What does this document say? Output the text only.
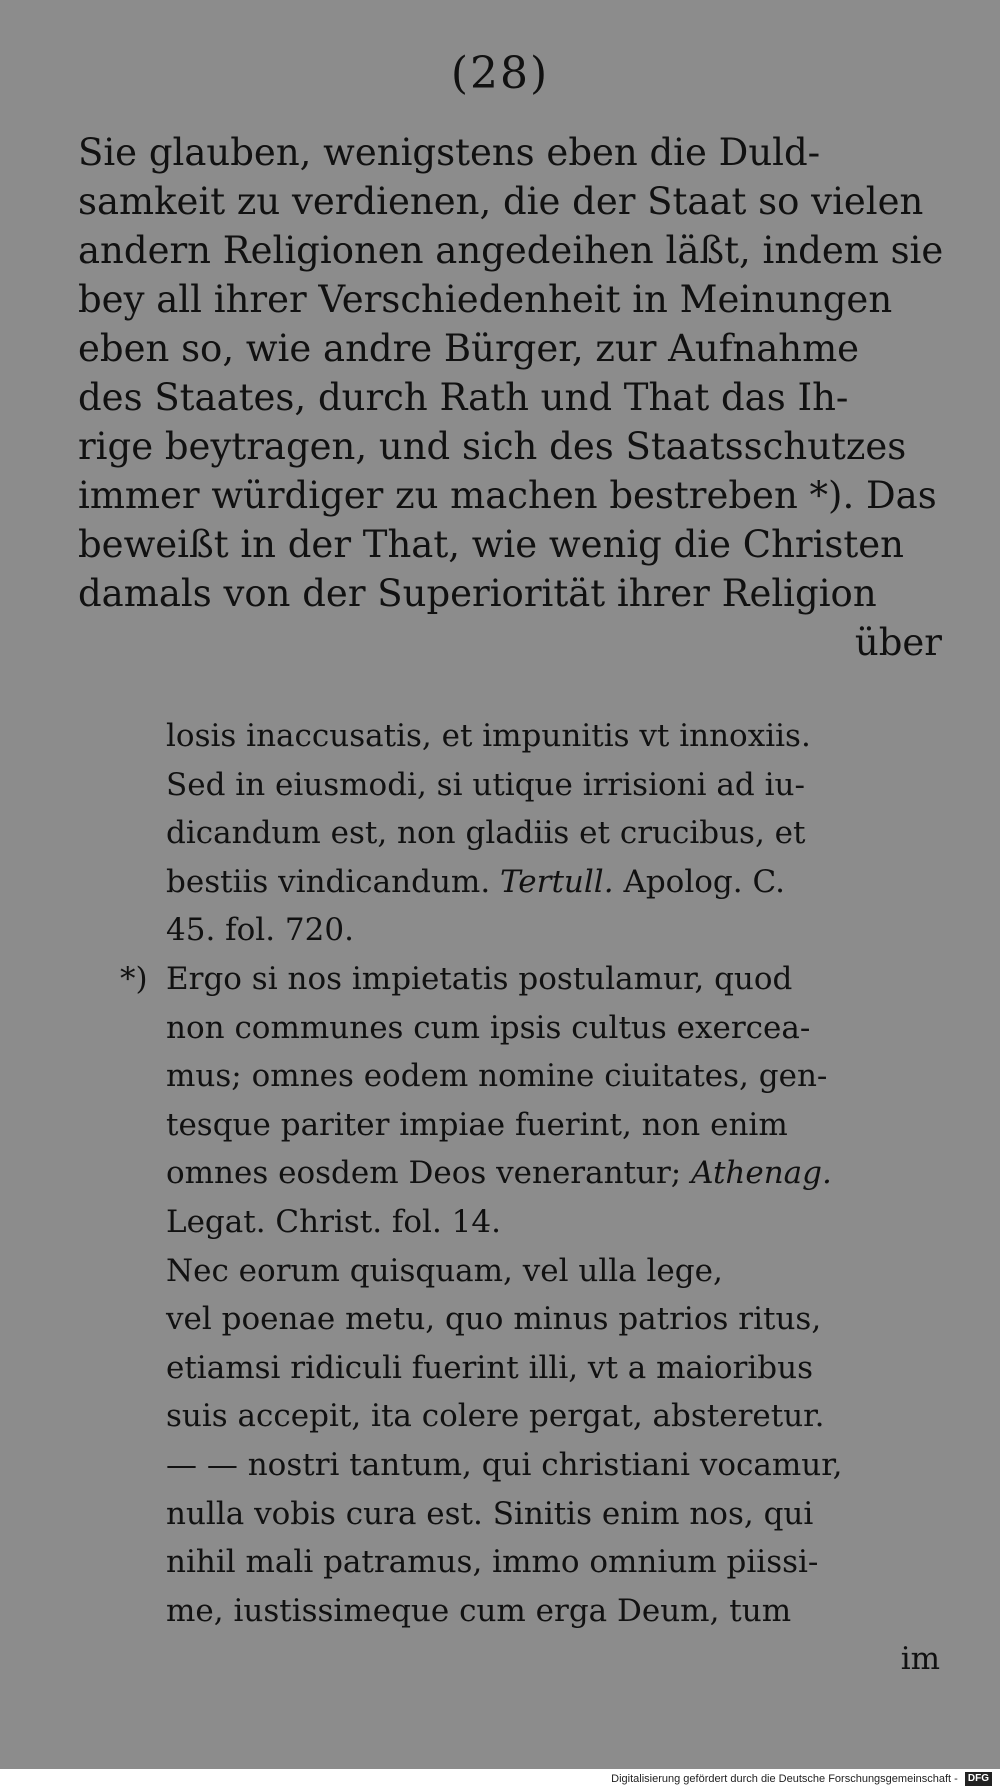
(28)
Sie glauben, wenigstens eben die Duld-
samkeit zu verdienen, die der Staat so vielen
andern Religionen angedeihen läßt, indem sie
bey all ihrer Verschiedenheit in Meinungen
eben so, wie andre Bürger, zur Aufnahme
des Staates, durch Rath und That das Ih-
rige beytragen, und sich des Staatsschutzes
immer würdiger zu machen bestreben *). Das
beweißt in der That, wie wenig die Christen
damals von der Superiorität ihrer Religion
über
losis inaccusatis, et impunitis vt innoxiis.
Sed in eiusmodi, si utique irrisioni ad iu-
dicandum est, non gladiis et crucibus, et
bestiis vindicandum. Tertull. Apolog. C.
45. fol. 720.
*) Ergo si nos impietatis postulamur, quod
non communes cum ipsis cultus exercea-
mus; omnes eodem nomine ciuitates, gen-
tesque pariter impiae fuerint, non enim
omnes eosdem Deos venerantur; Athenag.
Legat. Christ. fol. 14.
Nec eorum quisquam, vel ulla lege,
vel poenae metu, quo minus patrios ritus,
etiamsi ridiculi fuerint illi, vt a maioribus
suis accepit, ita colere pergat, absteretur.
— — nostri tantum, qui christiani vocamur,
nulla vobis cura est. Sinitis enim nos, qui
nihil mali patramus, immo omnium piissi-
me, iustissimeque cum erga Deum, tum
im
Digitalisierung gefördert durch die Deutsche Forschungsgemeinschaft - DFG
